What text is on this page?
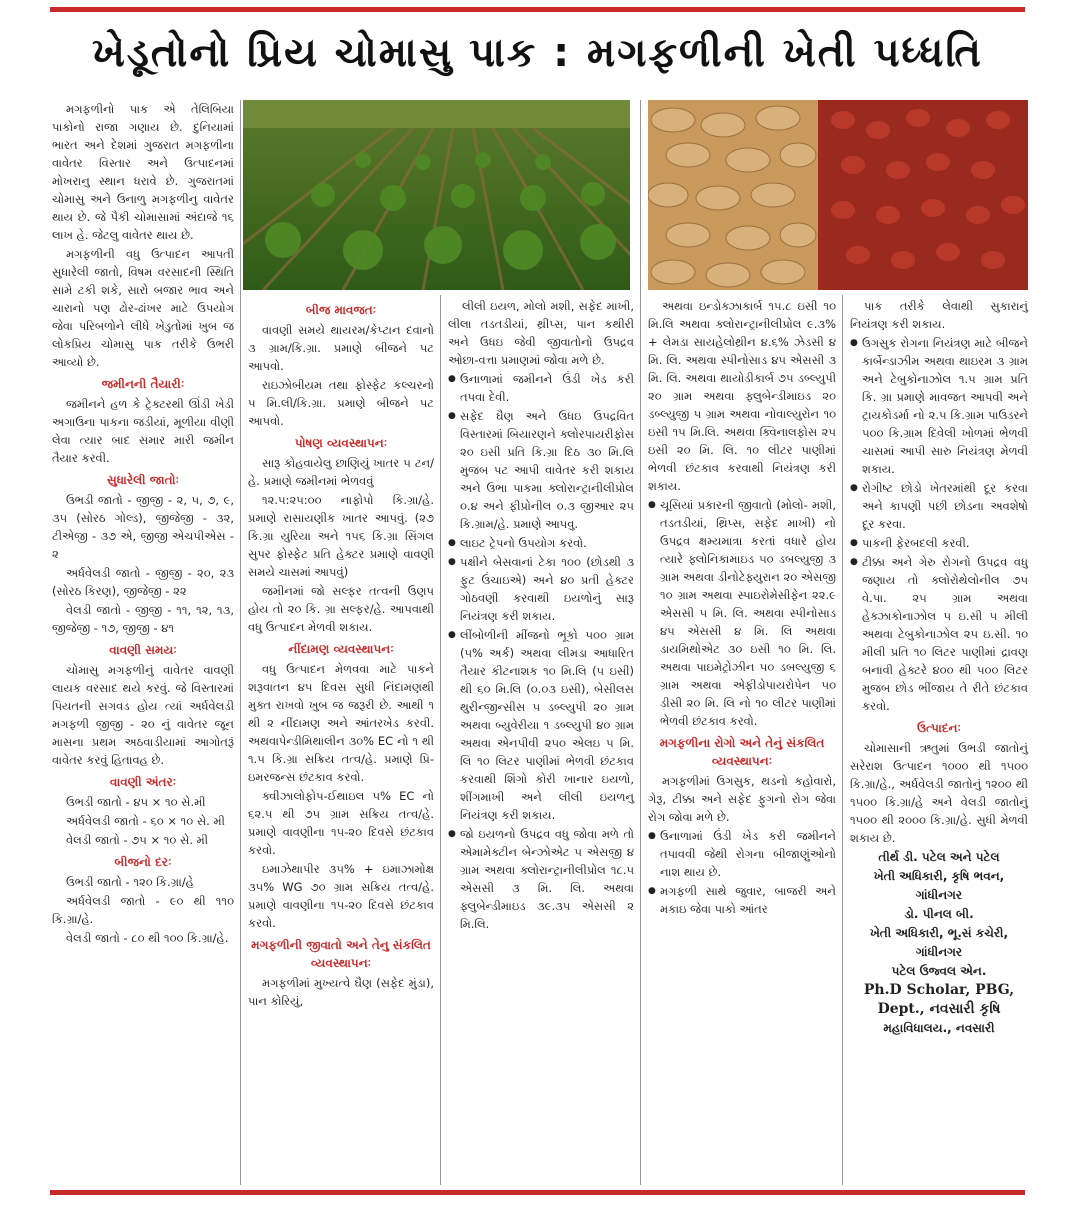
ખેડૂતોનો પ્રિય ચોમાસુ પાક : મગફળીની ખેતી પધ્ધતિ

મગફળીનો પાક એ તેલિબિયા પાકોનો રાજા ગણાય છે. દુનિયામાં ભારત અને દેશમાં ગુજરાત મગફળીના વાવેતર વિસ્તાર અને ઉત્પાદનમાં મોખરાનુ સ્થાન ધરાવે છે. ગુજરાતમાં ચોમાસુ અને ઉનાળુ મગફળીનુ વાવેતર થાય છે. જે પૈકી ચોમાસામાં અંદાજે ૧૬ લાખ હે. જેટલુ વાવેતર થાય છે.

મગફળીની વધુ ઉત્પાદન આપતી સુધારેલી જાતો, વિષમ વરસાદની સ્થિતિ સામે ટકી શકે, સારો બજાર ભાવ અને ચારાનો પણ ઢોર-ઢાંખર માટે ઉપયોગ જેવા પરિબળોને લીધે ખેડુતોમાં ખુબ જ લોકપ્રિય ચોમાસુ પાક તરીકે ઉભરી આવ્યો છે.

જમીનની તૈયારીઃ

જમીનને હળ કે ટ્રેક્ટરથી ઊંડી ખેડી અગાઉના પાકના જડીયાં, મૂળીયા વીણી લેવા ત્યાર બાદ સમાર મારી જમીન તૈયાર કરવી.

સુધારેલી જાતોઃ

ઉભડી જાતો - જીજી - ૨, ૫, ૭, ૯, ૩૫ (સોરઠ ગોલ્ડ), જીજેજી - ૩૨, ટીએજી - ૩૭ એ, જીજી એચપીએસ - ૨

અર્ધવેલડી જાતો - જીજી - ૨૦, ૨૩ (સોરઠ કિરણ), જીજેજી - ૨૨

વેલડી જાતો - જીજી - ૧૧, ૧૨, ૧૩, જીજેજી - ૧૭, જીજી - ૪૧

વાવણી સમયઃ

ચોમાસુ મગફળીનું વાવેતર વાવણી લાયક વરસાદ થયે કરવું. જે વિસ્તારમાં પિયતની સગવડ હોય ત્યાં અર્ધવેલડી મગફળી જીજી - ૨૦ નું વાવેતર જૂન માસના પ્રથમ અઠવાડીયામાં આગોતરૂં વાવેતર કરવું હિતાવહ છે.

વાવણી અંતરઃ

ઉભડી જાતો - ૪૫ × ૧૦ સે.મી

અર્ધવેલડી જાતો - ૬૦ × ૧૦ સે. મી

વેલડી જાતો - ૭૫ × ૧૦ સે. મી

બીજનો દરઃ

ઉભડી જાતો - ૧૨૦ કિ.ગ્રા/હે

અર્ધવેલડી જાતો - ૯૦ થી ૧૧૦ કિ.ગ્રા/હે.

વેલડી જાતો - ૮૦ થી ૧૦૦ કિ.ગ્રા/હે.

બીજ માવજતઃ

વાવણી સમયે થાયરમ/કેપ્ટાન દવાનો ૩ ગ્રામ/કિ.ગ્રા. પ્રમાણે બીજને પટ આપવો.

રાઇઝોબીયમ તથા ફોસ્ફેટ કલ્ચરનો ૫ મિ.લી/કિ.ગ્રા. પ્રમાણે બીજને પટ આપવો.

પોષણ વ્યવસ્થાપનઃ

સારૂ કોહવાયેલુ છાણિયું ખાતર ૫ ટન/હે. પ્રમાણે જમીનમાં ભેળવવું

૧૨.૫:૨૫:૦૦ નાફોપો કિ.ગ્રા/હે. પ્રમાણે રાસાયણીક ખાતર આપવું. (૨૭ કિ.ગ્રા યુરિયા અને ૧૫૬ કિ.ગ્રા સિંગલ સુપર ફોસ્ફેટ પ્રતિ હેક્ટર પ્રમાણે વાવણી સમયે ચાસમાં આપવું)

જમીનમાં જો સલ્ફર તત્વની ઉણપ હોય તો ૨૦ કિ. ગ્રા સલ્ફર/હે. આપવાથી વધુ ઉત્પાદન મેળવી શકાય.

નીંદામણ વ્યવસ્થાપનઃ

વધુ ઉત્પાદન મેળવવા માટે પાકને શરૂવાતન ૪૫ દિવસ સુધી નિંદામણથી મુક્ત રાખવો ખુબ જ જરૂરી છે. આથી ૧ થી ૨ નીંદામણ અને આંતરખેડ કરવી. અથવાપેન્ડીમિથાલીન ૩૦% EC નો ૧ થી ૧.૫ કિ.ગ્રા સક્રિય તત્વ/હે. પ્રમાણે પ્રિ-ઇમરજન્સ છંટકાવ કરવો.

ક્વીઝાલોફોપ-ઈથાઇલ ૫% EC નો ૬૨.૫ થી ૭૫ ગ્રામ સક્રિય તત્વ/હે. પ્રમાણે વાવણીના ૧૫-૨૦ દિવસે છંટકાવ કરવો.

ઇમાઝેથાપીર ૩૫% + ઇમાઝામોક્ષ ૩૫% WG ૭૦ ગ્રામ સક્રિય તત્વ/હે. પ્રમાણે વાવણીના ૧૫-૨૦ દિવસે છંટકાવ કરવો.

મગફળીની જીવાતો અને તેનુ સંકલિત વ્યવસ્થાપનઃ

મગફળીમાં મુખ્યત્વે ઘૈણ (સફેદ મુંડા), પાન કોરિયું,

લીલી ઇયળ, મોલો મશી, સફેદ માખી, લીલા તડતડીયાં, થ્રીપ્સ, પાન કથીરી અને ઉધઇ જેવી જીવાતોનો ઉપદ્રવ ઓછા-વત્તા પ્રમાણમાં જોવા મળે છે.

● ઉનાળામાં જમીનને ઉંડી ખેડ કરી તપવા દેવી.

● સફેદ ઘૈણ અને ઉધઇ ઉપદ્રવિત વિસ્તારમાં બિયારણને ક્લોરપાયરીફોસ ૨૦ ઇસી પ્રતિ કિ.ગ્રા દિઠ ૩૦ મિ.લિ મુજબ પટ આપી વાવેતર કરી શકાય અને ઉભા પાકમા ક્લોરાન્ટ્રાનીલીપ્રોલ ૦.૪ અને ફીપ્રોનીલ ૦.૩ જીઆર ૨૫ કિ.ગ્રામ/હે. પ્રમાણે આપવુ.

● લાઇટ ટ્રેપનો ઉપયોગ કરવો.

● પક્ષીને બેસવાનાં ટેકા ૧૦૦ (છોડથી ૩ ફુટ ઉંચાઇએ) અને ૪૦ પ્રતી હેક્ટર ગોઠવણી કરવાથી ઇયળોનું સારૂ નિયંત્રણ કરી શકાય.

● લીંબોળીની મીંજનો ભૂકો ૫૦૦ ગ્રામ (૫% અર્ક) અથવા લીમડા આધારિત તૈયાર કીટનાશક ૧૦ મિ.લિ (૫ ઇસી) થી ૬૦ મિ.લિ (૦.૦૩ ઇસી), બેસીલસ થુરીન્જીન્સીસ ૫ ડબ્લ્યુપી ૨૦ ગ્રામ અથવા બ્યુવેરીયા ૧ ડબ્લ્યુપી ૪૦ ગ્રામ અથવા એનપીવી ૨૫૦ એલઇ ૫ મિ. લિ ૧૦ લિટર પાણીમાં ભેળવી છંટકાવ કરવાથી શિંગો કોરી ખાનાર ઇયળો, શીંગમાખી અને લીલી ઇયળનુ નિયંત્રણ કરી શકાય.

● જો ઇયળનો ઉપદ્રવ વધુ જોવા મળે તો એમામેક્ટીન બેન્ઝોએટ ૫ એસજી ૪ ગ્રામ અથવા ક્લોરાન્ટ્રાનીલીપ્રોલ ૧૮.૫ એસસી ૩ મિ. લિ. અથવા ફ્લુબેન્ડીમાઇડ ૩૯.૩૫ એસસી ૨ મિ.લિ.

અથવા ઇન્ડોક્ઝાકાર્બ ૧૫.૮ ઇસી ૧૦ મિ.લિ અથવા ક્લોરાન્ટ્રાનીલીપ્રોલ ૯.૩% + લેમડા સાયહેલોથ્રીન ૪.૬% ઝેડસી ૪ મિ. લિ. અથવા સ્પીનોસાડ ૪૫ એસસી ૩ મિ. લિ. અથવા થાયોડીકાર્બ ૭૫ ડબ્લ્યુપી ૨૦ ગ્રામ અથવા ફ્લુબેન્ડીમાઇડ ૨૦ ડબ્લ્યુજી ૫ ગ્રામ અથવા નોવાલ્યુરોન ૧૦ ઇસી ૧૫ મિ.લિ. અથવા ક્વિનાલફોસ ૨૫ ઇસી ૨૦ મિ. લિ. ૧૦ લીટર પાણીમાં ભેળવી છંટકાવ કરવાથી નિયંત્રણ કરી શકાય.

● ચૂસિયાં પ્રકારની જીવાતો (મોલો- મશી, તડતડીયાં, થ્રિપ્સ, સફેદ માખી) નો ઉપદ્રવ ક્ષમ્યમાત્રા કરતાં વધારે હોય ત્યારે ફ્લોનિકામાઇડ ૫૦ ડબલ્યુજી ૩ ગ્રામ અથવા ડીનોટેફ્યુરાન ૨૦ એસજી ૧૦ ગ્રામ અથવા સ્પાઇરોમેસીફેન ૨૨.૯ એસસી ૫ મિ. લિ. અથવા સ્પીનોસાડ ૪૫ એસસી ૪ મિ. લિ અથવા ડાયમિથોએટ ૩૦ ઇસી ૧૦ મિ. લિ. અથવા પાઇમેટ્રોઝીન ૫૦ ડબલ્યુજી ૬ ગ્રામ અથવા એફીડોપાયરોપેન ૫૦ ડીસી ૨૦ મિ. લિ નો ૧૦ લીટર પાણીમાં ભેળવી છંટકાવ કરવો.

મગફળીના રોગો અને તેનું સંકલિત વ્યવસ્થાપનઃ

મગફળીમાં ઉગસુક, થડનો કહોવારો, ગેરૂ, ટીક્કા અને સફેદ ફુગનો રોગ જેવા રોગ જોવા મળે છે.

● ઉનાળામાં ઉંડી ખેડ કરી જમીનને તપાવવી જેથી રોગના બીજાણુંઓનો નાશ થાય છે.

● મગફળી સાથે જુવાર, બાજરી અને મકાઇ જેવા પાકો આંતર

પાક તરીકે લેવાથી સુકારાનું નિયંત્રણ કરી શકાય.

● ઉગસુક રોગના નિયંત્રણ માટે બીજને કાર્બેન્ડાઝીમ અથવા થાઇરમ ૩ ગ્રામ અને ટેબુકોનાઝોલ ૧.૫ ગ્રામ પ્રતિ કિ. ગ્રા પ્રમાણે માવજત આપવી અને ટ્રાયકોડર્મા નો ૨.૫ કિ.ગ્રામ પાઉડરને ૫૦૦ કિ.ગ્રામ દિવેલી ખોળમાં ભેળવી ચાસમાં આપી સારુ નિયંત્રણ મેળવી શકાય.

● રોગીષ્ટ છોડો ખેતરમાંથી દૂર કરવા અને કાપણી પછી છોડના અવશેષો દૂર કરવા.

● પાકની ફેરબદલી કરવી.

● ટીક્કા અને ગેરુ રોગનો ઉપદ્રવ વધુ જણાય તો ક્લોરોથેલોનીલ ૭૫ વે.પા. ૨૫ ગ્રામ અથવા હેક્ઝાકોનાઝોલ ૫ ઇ.સી ૫ મીલી અથવા ટેબુકોનાઝોલ ૨૫ ઇ.સી. ૧૦ મીલી પ્રતિ ૧૦ લિટર પાણીમાં દ્રાવણ બનાવી હેક્ટરે ૪૦૦ થી ૫૦૦ લિટર મુજબ છોડ ભીંજાય તે રીતે છંટકાવ કરવો.

ઉત્પાદનઃ

ચોમાસાની ઋતુમાં ઉભડી જાતોનું સરેરાશ ઉત્પાદન ૧૦૦૦ થી ૧૫૦૦ કિ.ગ્રા/હે., અર્ધવેલડી જાતોનું ૧૨૦૦ થી ૧૫૦૦ કિ.ગ્રા/હે અને વેલડી જાતોનું ૧૫૦૦ થી ૨૦૦૦ કિ.ગ્રા/હે. સુધી મેળવી શકાય છે.

તીર્થ ડી. પટેલ અને પટેલ
ખેતી અધિકારી, કૃષિ ભવન,
ગાંધીનગર
ડો. પીનલ બી.
ખેતી અધિકારી, ભૂ.સં કચેરી,
ગાંધીનગર
પટેલ ઉજ્વલ એન.
Ph.D Scholar, PBG,
Dept., નવસારી કૃષિ
મહાવિધાલય., નવસારી
